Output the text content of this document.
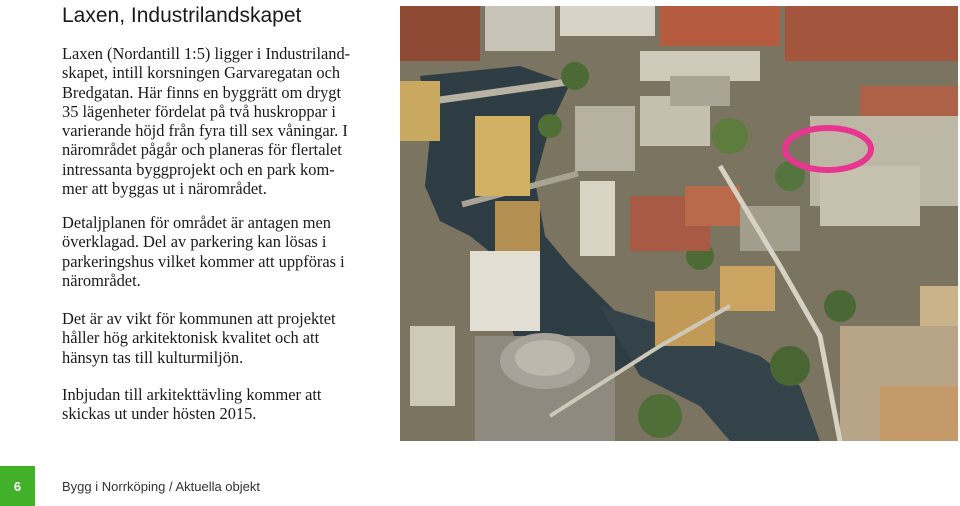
Laxen, Industrilandskapet
Laxen (Nordantill 1:5) ligger i Industriland-
skapet, intill korsningen Garvaregatan och
Bredgatan. Här finns en byggrätt om drygt
35 lägenheter fördelat på två huskroppar i
varierande höjd från fyra till sex våningar. I
närområdet pågår och planeras för flertalet
intressanta byggprojekt och en park kom-
mer att byggas ut i närområdet.
Detaljplanen för området är antagen men
överklagad. Del av parkering kan lösas i
parkeringshus vilket kommer att uppföras i
närområdet.
Det är av vikt för kommunen att projektet
håller hög arkitektonisk kvalitet och att
hänsyn tas till kulturmiljön.
Inbjudan till arkitekttävling kommer att
skickas ut under hösten 2015.
6	Bygg i Norrköping / Aktuella objekt
